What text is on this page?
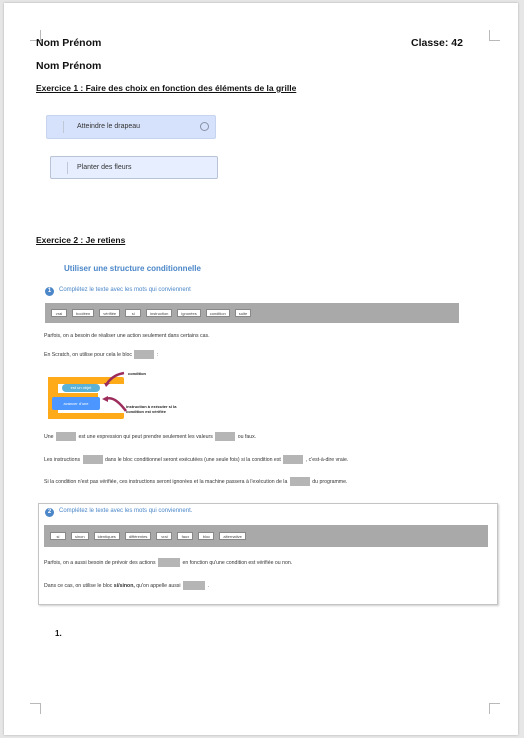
Nom Prénom	Classe: 42
Nom Prénom
Exercice 1 : Faire des choix en fonction des éléments de la grille
Atteindre le drapeau
Planter des fleurs
Exercice 2 : Je retiens
Utiliser une structure conditionnelle
1	Complétez le texte avec les mots qui conviennent
vrai	booléen	vérifiée	si	instruction	ignorées	condition	suite
Parfois, on a besoin de réaliser une action seulement dans certains cas.
En Scratch, on utilise pour cela le bloc	:
est un objet
avancer d'une
condition
instruction à exécuter si la condition est vérifiée
Une	est une expression qui peut prendre seulement les valeurs	ou faux.
Les instructions	dans le bloc conditionnel seront exécutées (une seule fois) si la condition est	, c'est-à-dire vraie.
Si la condition n'est pas vérifiée, ces instructions seront ignorées et la machine passera à l'exécution de la	du programme.
2	Complétez le texte avec les mots qui conviennent.
si	sinon	identiques	différentes	vrai	faux	bloc	alternative
Parfois, on a aussi besoin de prévoir des actions	en fonction qu'une condition est vérifiée ou non.
Dans ce cas, on utilise le bloc si/sinon, qu'on appelle aussi	.
1.
